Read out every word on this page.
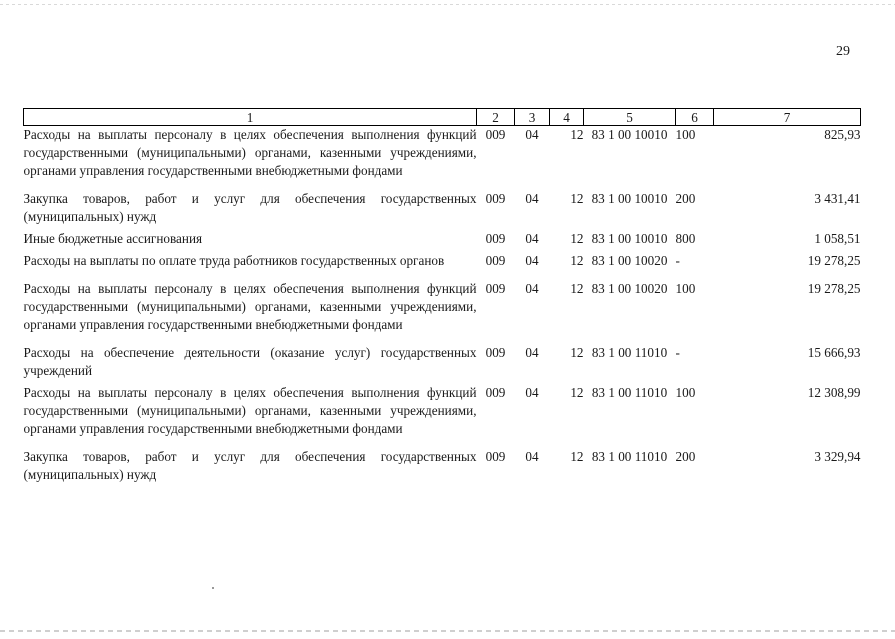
29
1	2	3	4	5	6	7
Расходы на выплаты персоналу в целях обеспечения выполнения функций государственными (муниципальными) органами, казенными учреждениями, органами управления государственными внебюджетными фондами	009	04	12	83 1 00 10010	100	825,93
Закупка товаров, работ и услуг для обеспечения государственных (муниципальных) нужд	009	04	12	83 1 00 10010	200	3 431,41
Иные бюджетные ассигнования	009	04	12	83 1 00 10010	800	1 058,51
Расходы на выплаты по оплате труда работников государственных органов	009	04	12	83 1 00 10020	-	19 278,25
Расходы на выплаты персоналу в целях обеспечения выполнения функций государственными (муниципальными) органами, казенными учреждениями, органами управления государственными внебюджетными фондами	009	04	12	83 1 00 10020	100	19 278,25
Расходы на обеспечение деятельности (оказание услуг) государственных учреждений	009	04	12	83 1 00 11010	-	15 666,93
Расходы на выплаты персоналу в целях обеспечения выполнения функций государственными (муниципальными) органами, казенными учреждениями, органами управления государственными внебюджетными фондами	009	04	12	83 1 00 11010	100	12 308,99
Закупка товаров, работ и услуг для обеспечения государственных (муниципальных) нужд	009	04	12	83 1 00 11010	200	3 329,94
